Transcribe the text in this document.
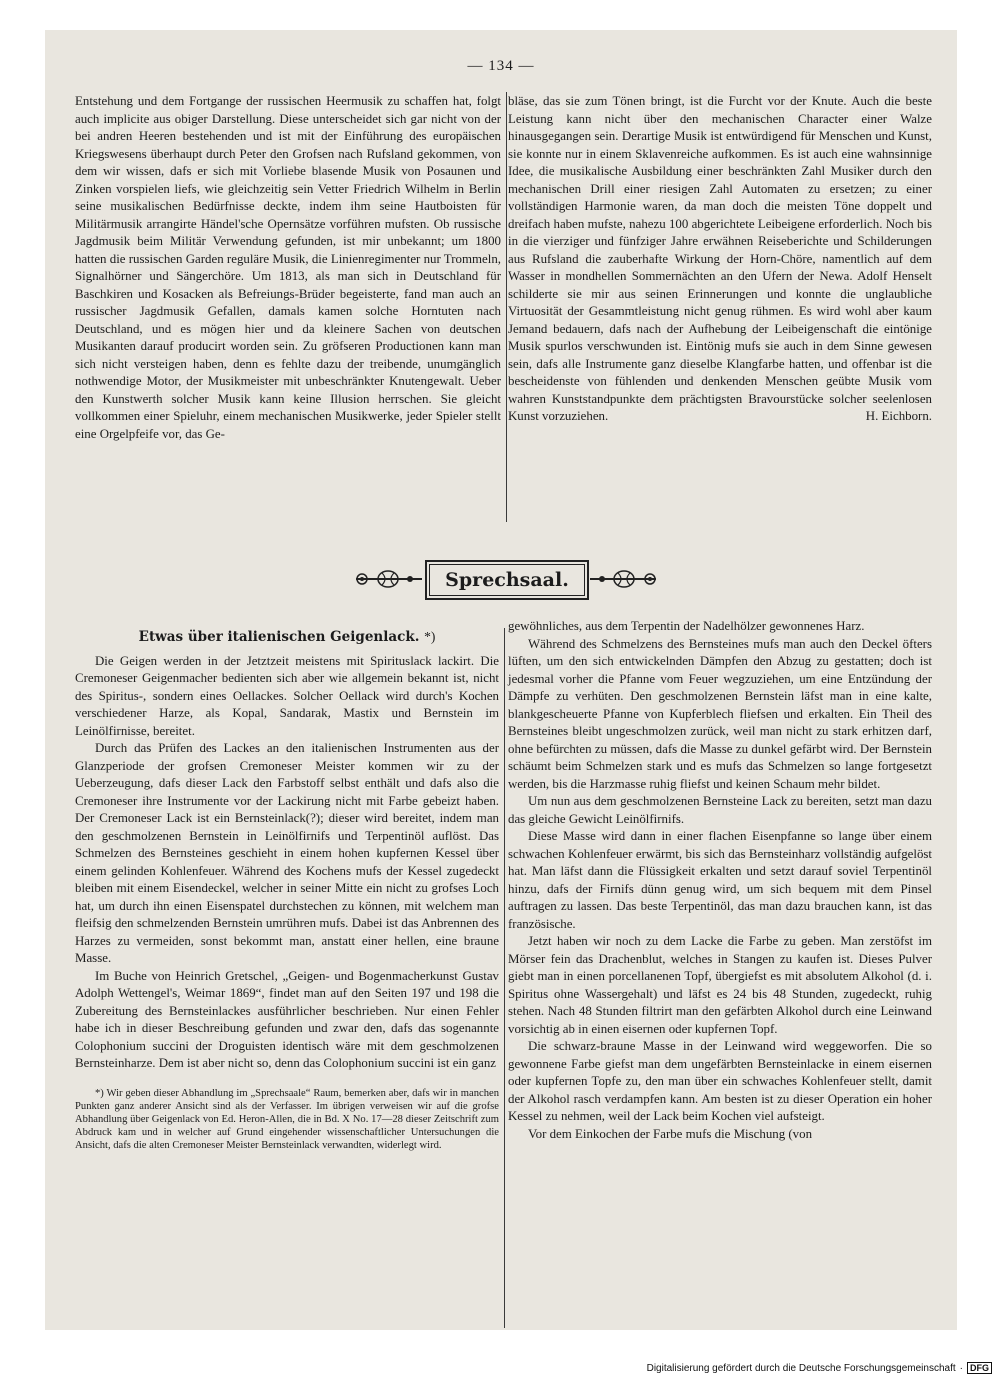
— 134 —

Entstehung und dem Fortgange der russischen Heermusik zu schaffen hat, folgt auch implicite aus obiger Darstellung. Diese unterscheidet sich gar nicht von der bei andren Heeren bestehenden und ist mit der Einführung des europäischen Kriegswesens überhaupt durch Peter den Grofsen nach Rufsland gekommen, von dem wir wissen, dafs er sich mit Vorliebe blasende Musik von Posaunen und Zinken vorspielen liefs, wie gleichzeitig sein Vetter Friedrich Wilhelm in Berlin seine musikalischen Bedürfnisse deckte, indem ihm seine Hautboisten für Militärmusik arrangirte Händel'sche Opernsätze vorführen mufsten. Ob russische Jagdmusik beim Militär Verwendung gefunden, ist mir unbekannt; um 1800 hatten die russischen Garden reguläre Musik, die Linienregimenter nur Trommeln, Signalhörner und Sängerchöre. Um 1813, als man sich in Deutschland für Baschkiren und Kosacken als Befreiungs-Brüder begeisterte, fand man auch an russischer Jagdmusik Gefallen, damals kamen solche Horntuten nach Deutschland, und es mögen hier und da kleinere Sachen von deutschen Musikanten darauf producirt worden sein. Zu gröfseren Productionen kann man sich nicht versteigen haben, denn es fehlte dazu der treibende, unumgänglich nothwendige Motor, der Musikmeister mit unbeschränkter Knutengewalt. Ueber den Kunstwerth solcher Musik kann keine Illusion herrschen. Sie gleicht vollkommen einer Spieluhr, einem mechanischen Musikwerke, jeder Spieler stellt eine Orgelpfeife vor, das Ge-

bläse, das sie zum Tönen bringt, ist die Furcht vor der Knute. Auch die beste Leistung kann nicht über den mechanischen Character einer Walze hinausgegangen sein. Derartige Musik ist entwürdigend für Menschen und Kunst, sie konnte nur in einem Sklavenreiche aufkommen. Es ist auch eine wahnsinnige Idee, die musikalische Ausbildung einer beschränkten Zahl Musiker durch den mechanischen Drill einer riesigen Zahl Automaten zu ersetzen; zu einer vollständigen Harmonie waren, da man doch die meisten Töne doppelt und dreifach haben mufste, nahezu 100 abgerichtete Leibeigene erforderlich. Noch bis in die vierziger und fünfziger Jahre erwähnen Reiseberichte und Schilderungen aus Rufsland die zauberhafte Wirkung der Horn-Chöre, namentlich auf dem Wasser in mondhellen Sommernächten an den Ufern der Newa. Adolf Henselt schilderte sie mir aus seinen Erinnerungen und konnte die unglaubliche Virtuosität der Gesammtleistung nicht genug rühmen. Es wird wohl aber kaum Jemand bedauern, dafs nach der Aufhebung der Leibeigenschaft die eintönige Musik spurlos verschwunden ist. Eintönig mufs sie auch in dem Sinne gewesen sein, dafs alle Instrumente ganz dieselbe Klangfarbe hatten, und offenbar ist die bescheidenste von fühlenden und denkenden Menschen geübte Musik vom wahren Kunststandpunkte dem prächtigsten Bravourstücke solcher seelenlosen Kunst vorzuziehen.	H. Eichborn.

Sprechsaal.
Etwas über italienischen Geigenlack. *)

Die Geigen werden in der Jetztzeit meistens mit Spirituslack lackirt. Die Cremoneser Geigenmacher bedienten sich aber wie allgemein bekannt ist, nicht des Spiritus-, sondern eines Oellackes. Solcher Oellack wird durch's Kochen verschiedener Harze, als Kopal, Sandarak, Mastix und Bernstein im Leinölfirnisse, bereitet.

Durch das Prüfen des Lackes an den italienischen Instrumenten aus der Glanzperiode der grofsen Cremoneser Meister kommen wir zu der Ueberzeugung, dafs dieser Lack den Farbstoff selbst enthält und dafs also die Cremoneser ihre Instrumente vor der Lackirung nicht mit Farbe gebeizt haben. Der Cremoneser Lack ist ein Bernsteinlack(?); dieser wird bereitet, indem man den geschmolzenen Bernstein in Leinölfirnifs und Terpentinöl auflöst. Das Schmelzen des Bernsteines geschieht in einem hohen kupfernen Kessel über einem gelinden Kohlenfeuer. Während des Kochens mufs der Kessel zugedeckt bleiben mit einem Eisendeckel, welcher in seiner Mitte ein nicht zu grofses Loch hat, um durch ihn einen Eisenspatel durchstechen zu können, mit welchem man fleifsig den schmelzenden Bernstein umrühren mufs. Dabei ist das Anbrennen des Harzes zu vermeiden, sonst bekommt man, anstatt einer hellen, eine braune Masse.

Im Buche von Heinrich Gretschel, „Geigen- und Bogenmacherkunst Gustav Adolph Wettengel's, Weimar 1869“, findet man auf den Seiten 197 und 198 die Zubereitung des Bernsteinlackes ausführlicher beschrieben. Nur einen Fehler habe ich in dieser Beschreibung gefunden und zwar den, dafs das sogenannte Colophonium succini der Droguisten identisch wäre mit dem geschmolzenen Bernsteinharze. Dem ist aber nicht so, denn das Colophonium succini ist ein ganz

*) Wir geben dieser Abhandlung im „Sprechsaale“ Raum, bemerken aber, dafs wir in manchen Punkten ganz anderer Ansicht sind als der Verfasser. Im übrigen verweisen wir auf die grofse Abhandlung über Geigenlack von Ed. Heron-Allen, die in Bd. X No. 17—28 dieser Zeitschrift zum Abdruck kam und in welcher auf Grund eingehender wissenschaftlicher Untersuchungen die Ansicht, dafs die alten Cremoneser Meister Bernsteinlack verwandten, widerlegt wird.

gewöhnliches, aus dem Terpentin der Nadelhölzer gewonnenes Harz.

Während des Schmelzens des Bernsteines mufs man auch den Deckel öfters lüften, um den sich entwickelnden Dämpfen den Abzug zu gestatten; doch ist jedesmal vorher die Pfanne vom Feuer wegzuziehen, um eine Entzündung der Dämpfe zu verhüten. Den geschmolzenen Bernstein läfst man in eine kalte, blankgescheuerte Pfanne von Kupferblech fliefsen und erkalten. Ein Theil des Bernsteines bleibt ungeschmolzen zurück, weil man nicht zu stark erhitzen darf, ohne befürchten zu müssen, dafs die Masse zu dunkel gefärbt wird. Der Bernstein schäumt beim Schmelzen stark und es mufs das Schmelzen so lange fortgesetzt werden, bis die Harzmasse ruhig fliefst und keinen Schaum mehr bildet.

Um nun aus dem geschmolzenen Bernsteine Lack zu bereiten, setzt man dazu das gleiche Gewicht Leinölfirnifs.

Diese Masse wird dann in einer flachen Eisenpfanne so lange über einem schwachen Kohlenfeuer erwärmt, bis sich das Bernsteinharz vollständig aufgelöst hat. Man läfst dann die Flüssigkeit erkalten und setzt darauf soviel Terpentinöl hinzu, dafs der Firnifs dünn genug wird, um sich bequem mit dem Pinsel auftragen zu lassen. Das beste Terpentinöl, das man dazu brauchen kann, ist das französische.

Jetzt haben wir noch zu dem Lacke die Farbe zu geben. Man zerstöfst im Mörser fein das Drachenblut, welches in Stangen zu kaufen ist. Dieses Pulver giebt man in einen porcellanenen Topf, übergiefst es mit absolutem Alkohol (d. i. Spiritus ohne Wassergehalt) und läfst es 24 bis 48 Stunden, zugedeckt, ruhig stehen. Nach 48 Stunden filtrirt man den gefärbten Alkohol durch eine Leinwand vorsichtig ab in einen eisernen oder kupfernen Topf.

Die schwarz-braune Masse in der Leinwand wird weggeworfen. Die so gewonnene Farbe giefst man dem ungefärbten Bernsteinlacke in einem eisernen oder kupfernen Topfe zu, den man über ein schwaches Kohlenfeuer stellt, damit der Alkohol rasch verdampfen kann. Am besten ist zu dieser Operation ein hoher Kessel zu nehmen, weil der Lack beim Kochen viel aufsteigt.

Vor dem Einkochen der Farbe mufs die Mischung (von

Digitalisierung gefördert durch die Deutsche Forschungsgemeinschaft · DFG
